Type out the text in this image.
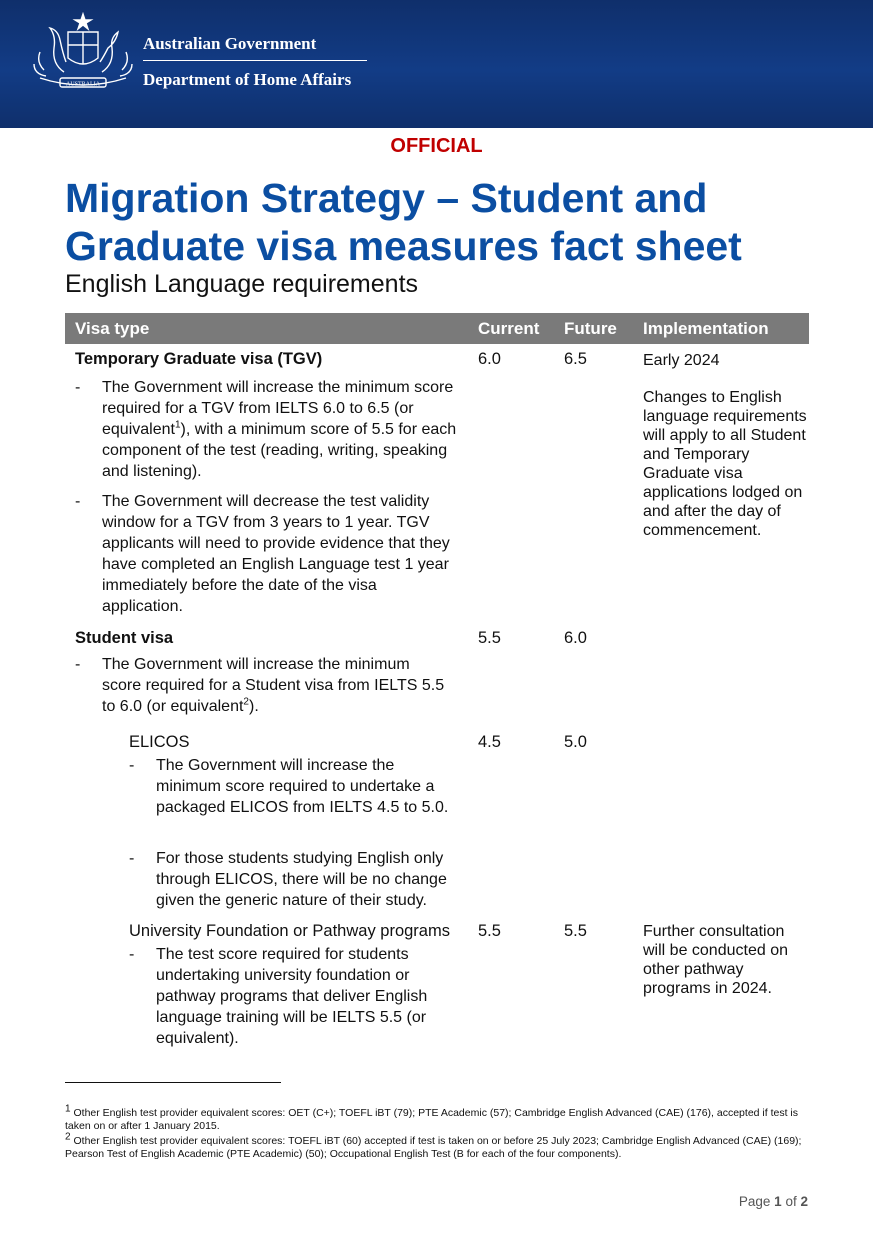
AUSTRALIA
Australian Government
Department of Home Affairs
OFFICIAL
Migration Strategy – Student and Graduate visa measures fact sheet
English Language requirements
Visa type	Current Future Implementation
Temporary Graduate visa (TGV)	6.0	6.5	Early 2024
Changes to English language requirements will apply to all Student and Temporary Graduate visa applications lodged on and after the day of commencement.
- The Government will increase the minimum score required for a TGV from IELTS 6.0 to 6.5 (or equivalent$^1$), with a minimum score of 5.5 for each component of the test (reading, writing, speaking and listening).
- The Government will decrease the test validity window for a TGV from 3 years to 1 year. TGV applicants will need to provide evidence that they have completed an English Language test 1 year immediately before the date of the visa application.
Student visa	5.5	6.0
- The Government will increase the minimum score required for a Student visa from IELTS 5.5 to 6.0 (or equivalent$^2$).
ELICOS	4.5	5.0
- The Government will increase the minimum score required to undertake a packaged ELICOS from IELTS 4.5 to 5.0.
- For those students studying English only through ELICOS, there will be no change given the generic nature of their study.
University Foundation or Pathway programs 5.5	5.5	Further consultation will be conducted on other pathway programs in 2024.
- The test score required for students undertaking university foundation or pathway programs that deliver English language training will be IELTS 5.5 (or equivalent).
$^1$ Other English test provider equivalent scores: OET (C+); TOEFL iBT (79); PTE Academic (57); Cambridge English Advanced (CAE) (176), accepted if test is taken on or after 1 January 2015.
$^2$ Other English test provider equivalent scores: TOEFL iBT (60) accepted if test is taken on or before 25 July 2023; Cambridge English Advanced (CAE) (169); Pearson Test of English Academic (PTE Academic) (50); Occupational English Test (B for each of the four components).
Page 1 of 2
